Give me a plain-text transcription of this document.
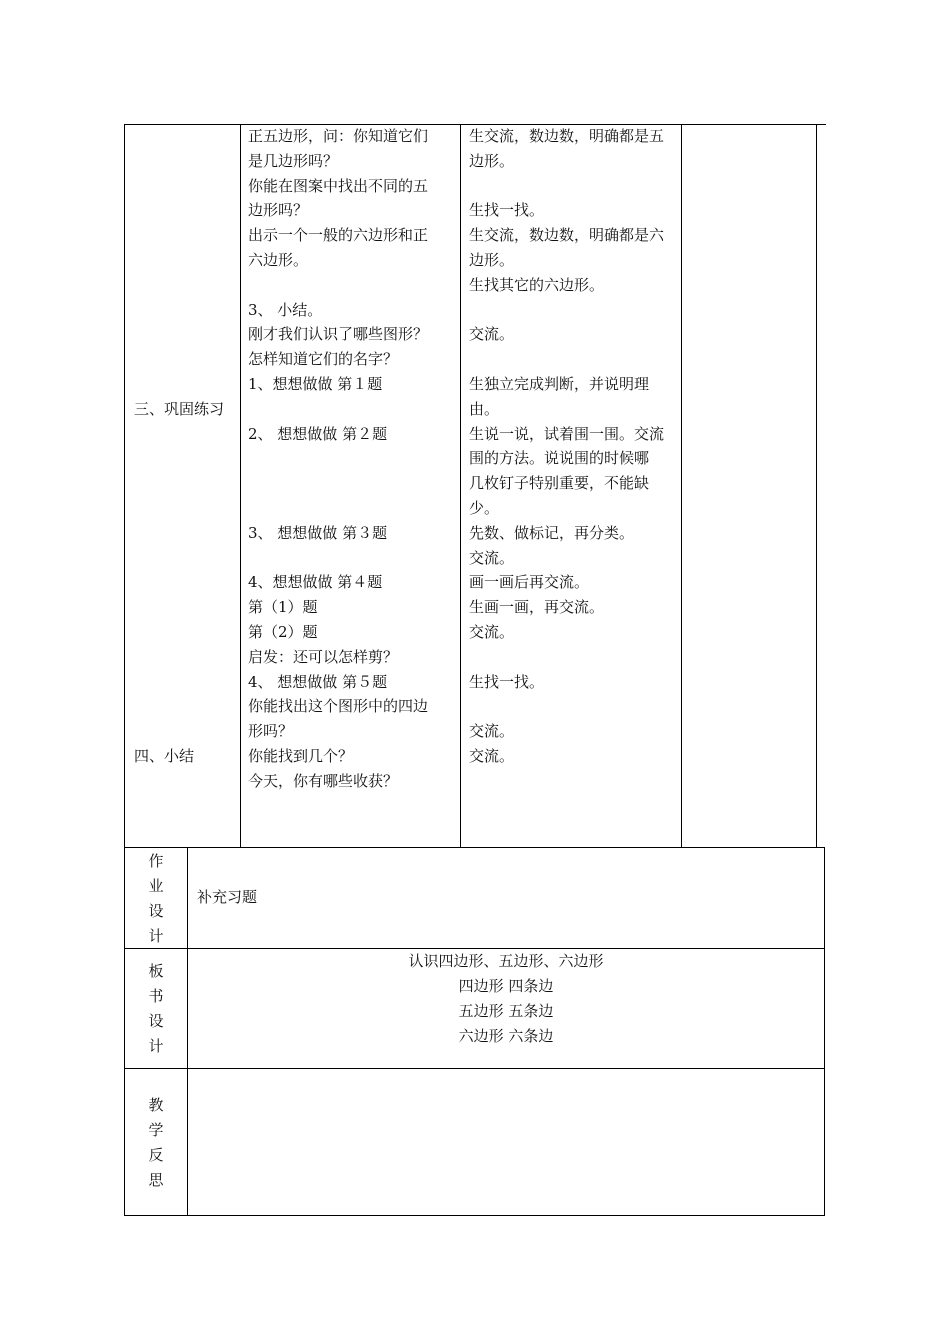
三、巩固练习
四、小结
正五边形，问：你知道它们
是几边形吗？
你能在图案中找出不同的五
边形吗？
出示一个一般的六边形和正
六边形。
3、 小结。
刚才我们认识了哪些图形？
怎样知道它们的名字？
1、想想做做 第１题
2、 想想做做 第２题
3、 想想做做 第３题
4、想想做做 第４题
第（1）题
第（2）题
启发：还可以怎样剪？
4、 想想做做 第５题
你能找出这个图形中的四边
形吗？
你能找到几个？
今天，你有哪些收获？
生交流，数边数，明确都是五
边形。
生找一找。
生交流，数边数，明确都是六
边形。
生找其它的六边形。
交流。
生独立完成判断，并说明理
由。
生说一说，试着围一围。交流
围的方法。说说围的时候哪
几枚钉子特别重要，不能缺
少。
先数、做标记，再分类。
交流。
画一画后再交流。
生画一画，再交流。
交流。
生找一找。
交流。
交流。
作
业
设
计
补充习题
板
书
设
计
认识四边形、五边形、六边形
四边形 四条边
五边形 五条边
六边形 六条边
教
学
反
思
